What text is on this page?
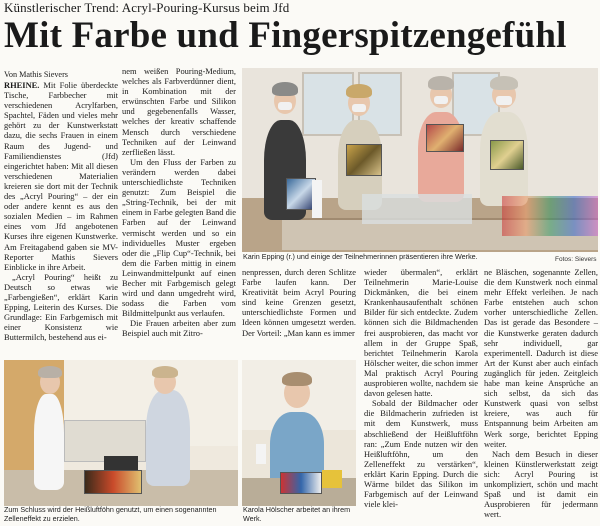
Künstlerischer Trend: Acryl-Pouring-Kursus beim Jfd
Mit Farbe und Fingerspitzengefühl
Von Mathis Sievers

RHEINE. Mit Folie überdeckte Tische, Farbbecher mit verschiedenen Acrylfarben, Spachtel, Fäden und vieles mehr gehört zu der Kunstwerkstatt dazu, die sechs Frauen in einem Raum des Jugend- und Familiendienstes (Jfd) eingerichtet haben: Mit all diesen verschiedenen Materialien kreieren sie dort mit der Technik des „Acryl Pouring“ – der ein oder andere kennt es aus den sozialen Medien – im Rahmen eines vom Jfd angebotenen Kurses ihre eigenen Kunstwerke. Am Freitagabend gaben sie MV-Reporter Mathis Sievers Einblicke in ihre Arbeit.

„Acryl Pouring“ heißt zu Deutsch so etwas wie „Farbengießen“, erklärt Karin Epping, Leiterin des Kurses. Die Grundlage: Ein Farbgemisch mit einer Konsistenz wie Buttermilch, bestehend aus ei-

nem weißen Pouring-Medium, welches als Farbverdünner dient, in Kombination mit der erwünschten Farbe und Silikon und gegebenenfalls Wasser, welches der kreativ schaffende Mensch durch verschiedene Techniken auf der Leinwand zerfließen lässt.

Um den Fluss der Farben zu verändern werden dabei unterschiedlichste Techniken genutzt: Zum Beispiel die „String-Technik, bei der mit einem in Farbe gelegten Band die Farben auf der Leinwand vermischt werden und so ein individuelles Muster ergeben oder die „Flip Cup“-Technik, bei dem die Farben mittig in einem Leinwandmittelpunkt auf einen Becher mit Farbgemisch gelegt wird und dann umgedreht wird, sodass die Farben vom Bildmittelpunkt aus verlaufen.

Die Frauen arbeiten aber zum Beispiel auch mit Zitro-

Karin Epping (r.) und einige der Teilnehmerinnen präsentieren ihre Werke.	Fotos: Sievers

nenpressen, durch deren Schlitze Farbe laufen kann. Der Kreativität beim Acryl Pouring sind keine Grenzen gesetzt, unterschiedlichste Formen und Ideen können umgesetzt werden. Der Vorteil: „Man kann es immer

wieder übermalen“, erklärt Teilnehmerin Marie-Louise Dickmänken, die bei einem Krankenhausaufenthalt schönen Bilder für sich entdeckte. Zudem können sich die Bildmachenden frei ausprobieren, das macht vor allem in der Gruppe Spaß, berichtet Teilnehmerin Karola Hölscher weiter, die schon immer Mal praktisch Acryl Pouring ausprobieren wollte, nachdem sie davon gelesen hatte.

Sobald der Bildmacher oder die Bildmacherin zufrieden ist mit dem Kunstwerk, muss abschließend der Heißluftföhn ran: „Zum Ende nutzen wir den Heißluftföhn, um den Zelleneffekt zu verstärken“, erklärt Karin Epping. Durch die Wärme bildet das Silikon im Farbgemisch auf der Leinwand viele klei-

ne Bläschen, sogenannte Zellen, die dem Kunstwerk noch einmal mehr Effekt verleihen. Je nach Farbe entstehen auch schon vorher unterschiedliche Zellen. Das ist gerade das Besondere – die Kunstwerke geraten dadurch sehr individuell, gar experimentell. Dadurch ist diese Art der Kunst aber auch einfach zugänglich für jeden. Zeitgleich habe man keine Ansprüche an sich selbst, da sich das Kunstwerk quasi von selbst kreiere, was auch für Entspannung beim Arbeiten am Werk sorge, berichtet Epping weiter.

Nach dem Besuch in dieser kleinen Künstlerwerkstatt zeigt sich: Acryl Pouring ist unkompliziert, schön und macht Spaß und ist damit ein Ausprobieren für jedermann wert.

Zum Schluss wird der Heißluftföhn genutzt, um einen sogenannten Zelleneffekt zu erzielen.
Karola Hölscher arbeitet an ihrem Werk.
